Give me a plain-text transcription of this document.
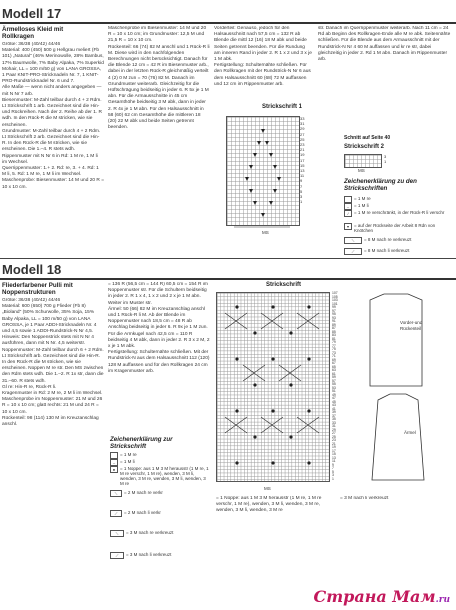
Modell 17
Ärmelloses Kleid mit Rollkragen
Größe: 36/38 (40/42) 44/46
Material: 400 (450) 500 g Hellgrau meliert (Fb 101) „Natural" (46% Merinowolle, 28% Bambus, 17% Baumwolle, 7% Baby Alpaka, 7% Superkid Mohair, LL = 100 m/50 g) von LANA GROSSA, 1 Paar KNIT-PRO-Stricknadeln Nr. 7, 1 KNIT-PRO-Rundstricknadel Nr. 6 und 7.
Alle Maße — wenn nicht anders angegeben — mit N Nr 7 arb.
Biesenmuster: M-Zahl teilbar durch 4 + 2 Rdm. Lt Strickschrift 1 arb. Gezeichnet sind die Hin- und Rückreihen. Nach der 2. Reihe ab der 1. R wdh. In den Rück-R die M stricken, wie sie erscheinen.
Grundmuster: M-Zahl teilbar durch 4 + 2 Rdm. Lt Strickschrift 2 arb. Gezeichnet sind die Hin-R. In den Rück-R die M stricken, wie sie erscheinen. Die 1.–4. R stets wdh.
Rippenmuster mit N Nr 6 in Rd: 1 M re, 1 M li im Wechsel.
Querrippenmuster: 1.+ 2. Rd: re, 3. + 4. Rd: 1 M li, 5. Rd: 1 M re, 1 M li im Wechsel.
Maschenprobe: Biesenmuster: 14 M und 20 R = 10 x 10 cm.
Maschenprobe im Biesenmuster: 14 M und 20 R = 10 x 10 cm; im Grundmuster: 12,5 M und 21,5 R = 10 x 10 cm.
Rückenteil: 66 (74) 82 M anschl und 1 Rück-R li M. Diese wird in den nachfolgenden Berechnungen nicht berücksichtigt. Danach für die Blende 12 cm = 42 R im Biesenmuster arb., dabei in der letzten Rück-R gleichmäßig verteilt 4 (2) 0 M zun = 70 (76) 82 M. Danach im Grundmuster weiterarb. Gleichzeitig für die Hüftschrägung beidseitig in jeder 6. R 5x je 1 M abn. Für die Armausschnitte in 45 cm Gesamthöhe beidseitig 3 M abk, dann in jeder 2. R 4x je 1 M abn. Für den Halsausschnitt in 58 (60) 62 cm Gesamthöhe die mittleren 18 (20) 22 M abk und beide Seiten getrennt beenden.
Vorderteil: Genauso, jedoch für den Halsausschnitt nach 57,5 cm = 132 R ab Blende die mittl 12 (16) 18 M abk und beide Seiten getrennt beenden. Für die Rundung am inneren Rand in jeder 2. R 1 x 2 und 3 x je 1 M abk.
Fertigstellung: Schulternähte schließen. Für den Rollkragen mit der Rundstrick-N Nr 6 aus dem Halsausschnitt 60 (68) 72 M auffassen und 12 cm im Rippenmuster arb.
Strickschrift 1
33
31
29
27
25
23
21
19
17
15
13
11
9
7
5
3
1
MS
str. Danach im Querrippenmuster weiterarb. Nach 11 cm = 24 Rd ab Beginn des Rollkragen-Ende alle M re abk. Seitennähte schließen. Für die Blende aus dem Armausschnitt mit der Rundstrick-N Nr 4 60 M auffassen und kr re str, dabei gleichzeitig in jeder 2. Rd 1 M abn. Danach im Rippenmuster arb.
Schnitt auf Seite 40
Strickschrift 2
3
1
MS
Zeichenerklärung zu den Strickschriften
= 1 M re
–	= 1 M li
/	= 1 M re verschränkt, in der Rück-R li verschr
▾	= auf der Rückseite der Arbeit 8 Rdn von Knötchen
⟍	= 8 M nach re verkreuzt
⟋	= 8 M nach li verkreuzt
Modell 18
Fliederfarbener Pulli mit Noppenstrukturen
Größe: 36/38 (40/42) 44/46
Material: 600 (650) 700 g Flieder (Fb 8) „Bioland" (50% Schurwolle, 35% Soja, 15% Baby Alpaka, LL = 100 m/50 g) von LANA GROSSA, je 1 Paar ADDI-Stricknadeln Nr. 4 und 4,5 sowie 1 ADDI-Rundstrick-N Nr 4,5.
Hinweis: Den Noppenstrick stets mit N Nr 4 ausführen, dann mit N Nr. 4,5 weiterstr.
Noppenmuster: M-Zahl teilbar durch 6 + 2 Rdm. Lt Strickschrift arb. Gezeichnet sind die Hin-R. In den Rück-R die M stricken, wie sie erscheinen. Noppen M re str. Den MS zwischen den Rdm stets wdh. Die 1.–2. R 1x str, dann die 31.–60. R stets wdh.
Gl re: Hin-R re, Rück-R li.
Kragenmuster in Rd: 2 M re, 2 M li im Wechsel.
Maschenprobe im Noppenmuster: 21 M und 26 R = 10 x 10 cm; glatt rechts: 21 M und 24 R = 10 x 10 cm.
Rückenteil: 98 (114) 130 M im Kreuzanschlag anschl.
= 136 R (56,5 cm = 144 R) 60,5 cm = 154 R im Noppenmuster str. Für die Schultern beidseitig in jeder 2. R 1 x 4, 1 x 2 und 2 x je 1 M abn. Weiter im Muster str.
Ärmel: 50 (66) 82 M im Kreuzanschlag anschl und 1 Rück-R li M. Ab der Blende im Noppenmuster nach 18,5 cm = 48 R ab Anschlag beidseitig in jeder 6. R 9x je 1 M zun. Für die Armkugel nach 42,5 cm = 110 R beidseitig 4 M abk, dann in jeder 2. R 3 x 2 M, 2 x je 1 M abk.
Fertigstellung: Schulternähte schließen. Mit der Rundstrick-N aus dem Halsausschnitt 112 (120) 128 M auffassen und für den Rollkragen 24 cm im Kragenmuster arb.
Zeichenerklärung zur Strickschrift
= 1 M re
–	= 1 M li
●	= 1 Noppe: aus 1 M 3 M herausstr (1 M re, 1 M re verschr, 1 M re), wenden, 3 M li, wenden, 3 M re, wenden, 3 M li, wenden, 3 M re
⟍	= 2 M nach re verkr
⟋	= 2 M nach li verkr
⟍	= 3 M nach re verkreuzt
⟋	= 3 M nach li verkreuzt
Strickschrift
107
105
103
101
99
97
95
93
91
89
87
85
83
81
79
77
75
73
71
69
67
65
63
61
59
57
55
53
51
49
47
45
43
41
39
37
35
33
31
29
27
25
23
21
19
17
15
13
11
9
7
5
3
1
MS
Vorder-und Rückenteil
Ärmel
= 1 Noppe: aus 1 M 3 M herausstr (1 M re, 1 M re verschr, 1 M re), wenden, 3 M li, wenden, 3 M re, wenden, 3 M li, wenden, 3 M re
= 3 M nach li verkreuzt
Страна Мам.ru
